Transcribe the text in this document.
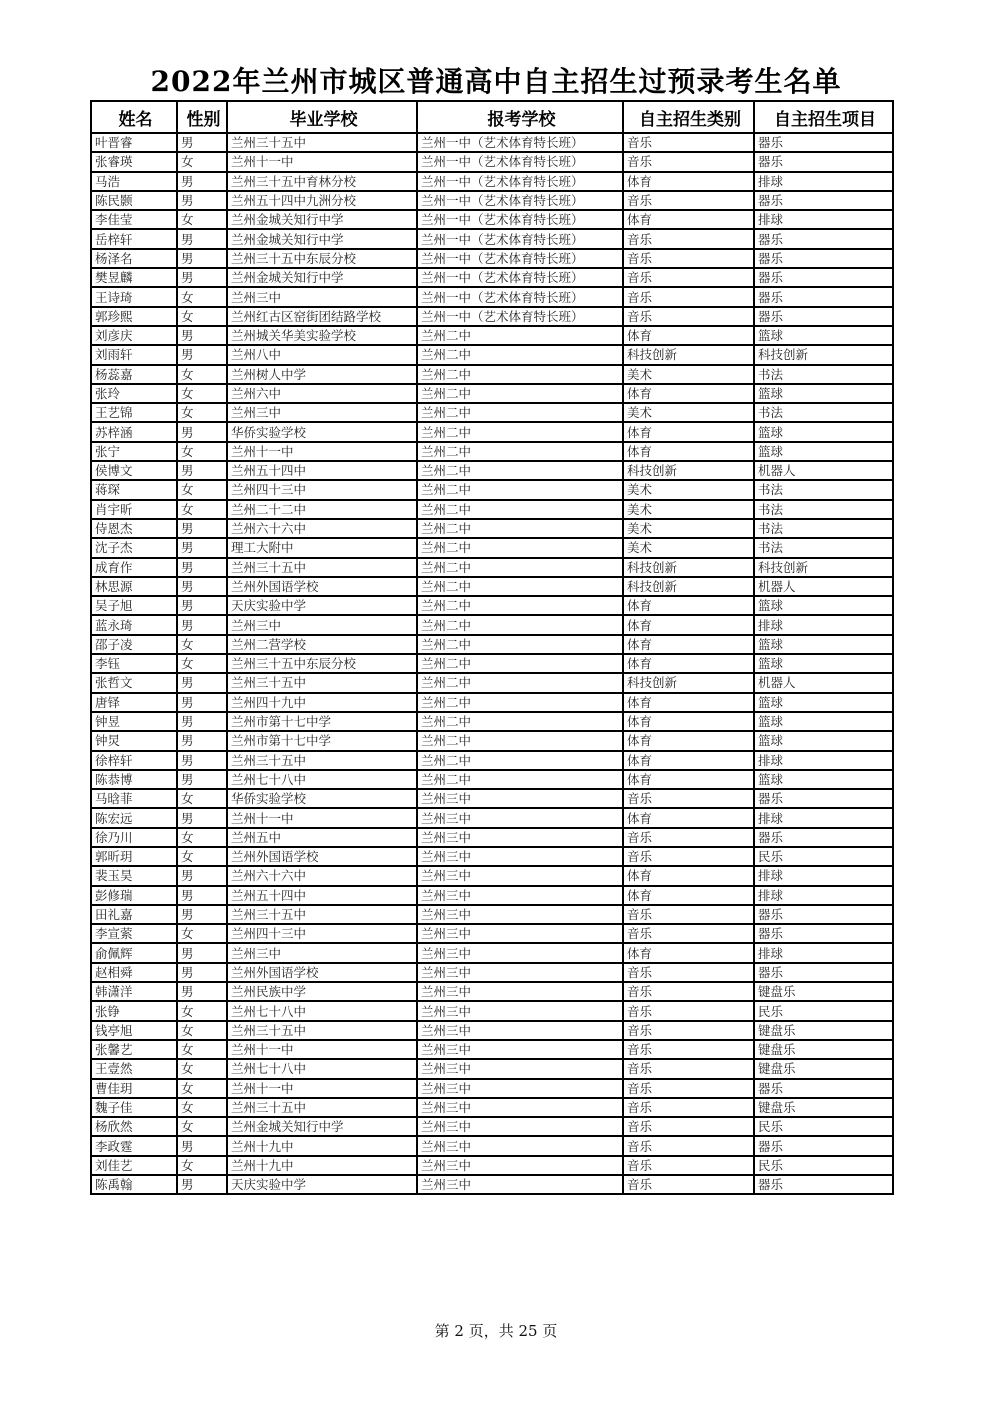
2022年兰州市城区普通高中自主招生过预录考生名单
姓名	性别	毕业学校	报考学校	自主招生类别	自主招生项目
叶晋睿	男	兰州三十五中	兰州一中（艺术体育特长班）	音乐	器乐
张睿瑛	女	兰州十一中	兰州一中（艺术体育特长班）	音乐	器乐
马浩	男	兰州三十五中育林分校	兰州一中（艺术体育特长班）	体育	排球
陈民颢	男	兰州五十四中九洲分校	兰州一中（艺术体育特长班）	音乐	器乐
李佳莹	女	兰州金城关知行中学	兰州一中（艺术体育特长班）	体育	排球
岳梓轩	男	兰州金城关知行中学	兰州一中（艺术体育特长班）	音乐	器乐
杨泽名	男	兰州三十五中东辰分校	兰州一中（艺术体育特长班）	音乐	器乐
樊昱麟	男	兰州金城关知行中学	兰州一中（艺术体育特长班）	音乐	器乐
王诗琦	女	兰州三中	兰州一中（艺术体育特长班）	音乐	器乐
郭珍熙	女	兰州红古区窑街团结路学校	兰州一中（艺术体育特长班）	音乐	器乐
刘彦庆	男	兰州城关华美实验学校	兰州二中	体育	篮球
刘雨轩	男	兰州八中	兰州二中	科技创新	科技创新
杨蕊嘉	女	兰州树人中学	兰州二中	美术	书法
张玲	女	兰州六中	兰州二中	体育	篮球
王艺锦	女	兰州三中	兰州二中	美术	书法
苏梓涵	男	华侨实验学校	兰州二中	体育	篮球
张宁	女	兰州十一中	兰州二中	体育	篮球
侯博文	男	兰州五十四中	兰州二中	科技创新	机器人
蒋琛	女	兰州四十三中	兰州二中	美术	书法
肖宇昕	女	兰州二十二中	兰州二中	美术	书法
侍恩杰	男	兰州六十六中	兰州二中	美术	书法
沈子杰	男	理工大附中	兰州二中	美术	书法
成育作	男	兰州三十五中	兰州二中	科技创新	科技创新
林思源	男	兰州外国语学校	兰州二中	科技创新	机器人
吴子旭	男	天庆实验中学	兰州二中	体育	篮球
蓝永琦	男	兰州三中	兰州二中	体育	排球
邵子凌	女	兰州二营学校	兰州二中	体育	篮球
李钰	女	兰州三十五中东辰分校	兰州二中	体育	篮球
张哲文	男	兰州三十五中	兰州二中	科技创新	机器人
唐铎	男	兰州四十九中	兰州二中	体育	篮球
钟昱	男	兰州市第十七中学	兰州二中	体育	篮球
钟炅	男	兰州市第十七中学	兰州二中	体育	篮球
徐梓轩	男	兰州三十五中	兰州二中	体育	排球
陈恭博	男	兰州七十八中	兰州二中	体育	篮球
马晗菲	女	华侨实验学校	兰州三中	音乐	器乐
陈宏远	男	兰州十一中	兰州三中	体育	排球
徐乃川	女	兰州五中	兰州三中	音乐	器乐
郭昕玥	女	兰州外国语学校	兰州三中	音乐	民乐
裴玉昊	男	兰州六十六中	兰州三中	体育	排球
彭修瑞	男	兰州五十四中	兰州三中	体育	排球
田礼嘉	男	兰州三十五中	兰州三中	音乐	器乐
李宣萦	女	兰州四十三中	兰州三中	音乐	器乐
俞佩辉	男	兰州三中	兰州三中	体育	排球
赵相舜	男	兰州外国语学校	兰州三中	音乐	器乐
韩潇洋	男	兰州民族中学	兰州三中	音乐	键盘乐
张铮	女	兰州七十八中	兰州三中	音乐	民乐
钱亭旭	女	兰州三十五中	兰州三中	音乐	键盘乐
张馨艺	女	兰州十一中	兰州三中	音乐	键盘乐
王壹然	女	兰州七十八中	兰州三中	音乐	键盘乐
曹佳玥	女	兰州十一中	兰州三中	音乐	器乐
魏子佳	女	兰州三十五中	兰州三中	音乐	键盘乐
杨欣然	女	兰州金城关知行中学	兰州三中	音乐	民乐
李政霆	男	兰州十九中	兰州三中	音乐	器乐
刘佳艺	女	兰州十九中	兰州三中	音乐	民乐
陈禹翰	男	天庆实验中学	兰州三中	音乐	器乐
第 2 页，共 25 页
